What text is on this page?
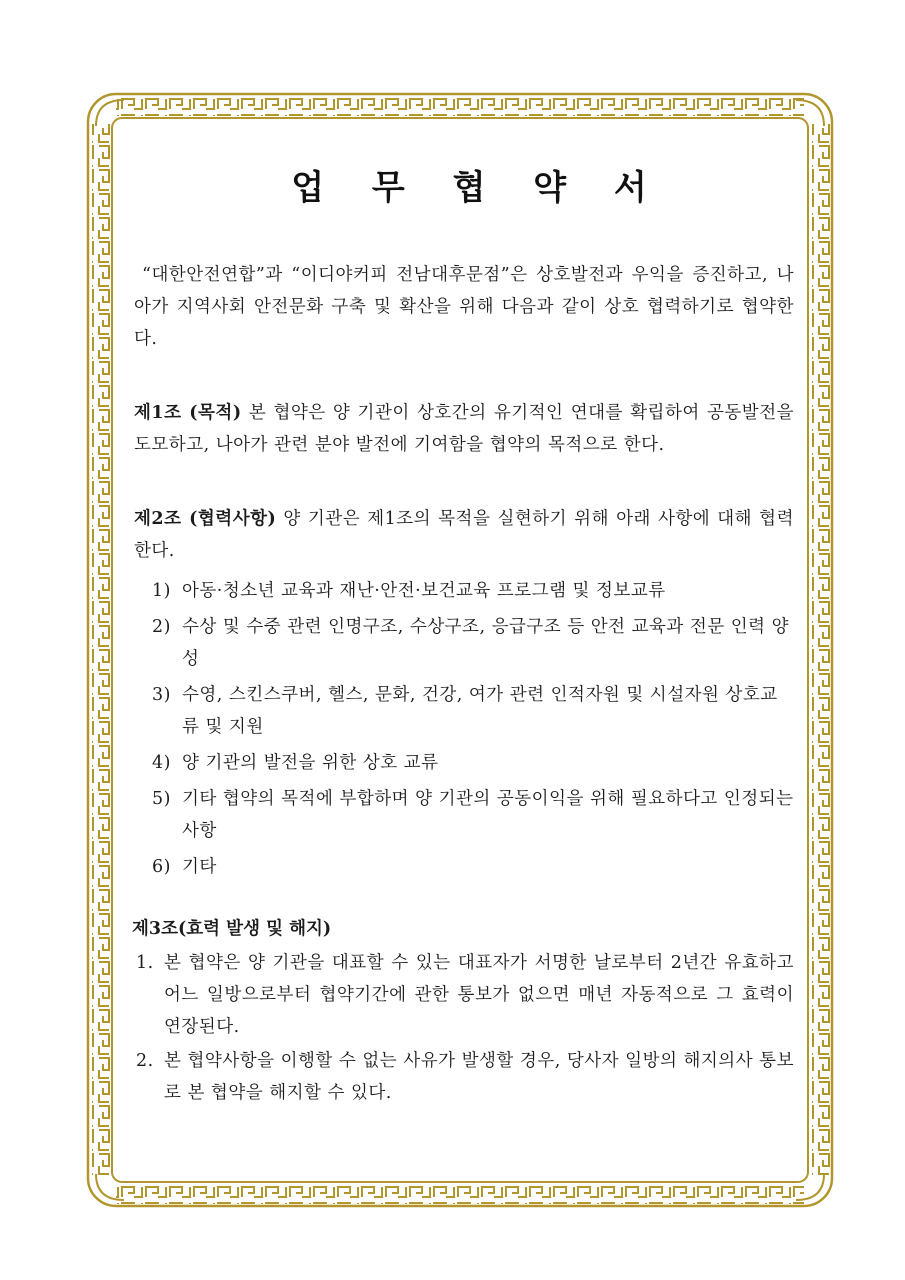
업 무 협 약 서

“대한안전연합”과 “이디야커피 전남대후문점”은 상호발전과 우익을 증진하고, 나아가 지역사회 안전문화 구축 및 확산을 위해 다음과 같이 상호 협력하기로 협약한다.

제1조 (목적) 본 협약은 양 기관이 상호간의 유기적인 연대를 확립하여 공동발전을 도모하고, 나아가 관련 분야 발전에 기여함을 협약의 목적으로 한다.

제2조 (협력사항) 양 기관은 제1조의 목적을 실현하기 위해 아래 사항에 대해 협력한다.

1) 아동·청소년 교육과 재난·안전·보건교육 프로그램 및 정보교류
2) 수상 및 수중 관련 인명구조, 수상구조, 응급구조 등 안전 교육과 전문 인력 양성
3) 수영, 스킨스쿠버, 헬스, 문화, 건강, 여가 관련 인적자원 및 시설자원 상호교류 및 지원
4) 양 기관의 발전을 위한 상호 교류
5) 기타 협약의 목적에 부합하며 양 기관의 공동이익을 위해 필요하다고 인정되는 사항
6) 기타
제3조(효력 발생 및 해지)
1. 본 협약은 양 기관을 대표할 수 있는 대표자가 서명한 날로부터 2년간 유효하고 어느 일방으로부터 협약기간에 관한 통보가 없으면 매년 자동적으로 그 효력이 연장된다.
2. 본 협약사항을 이행할 수 없는 사유가 발생할 경우, 당사자 일방의 해지의사 통보로 본 협약을 해지할 수 있다.
